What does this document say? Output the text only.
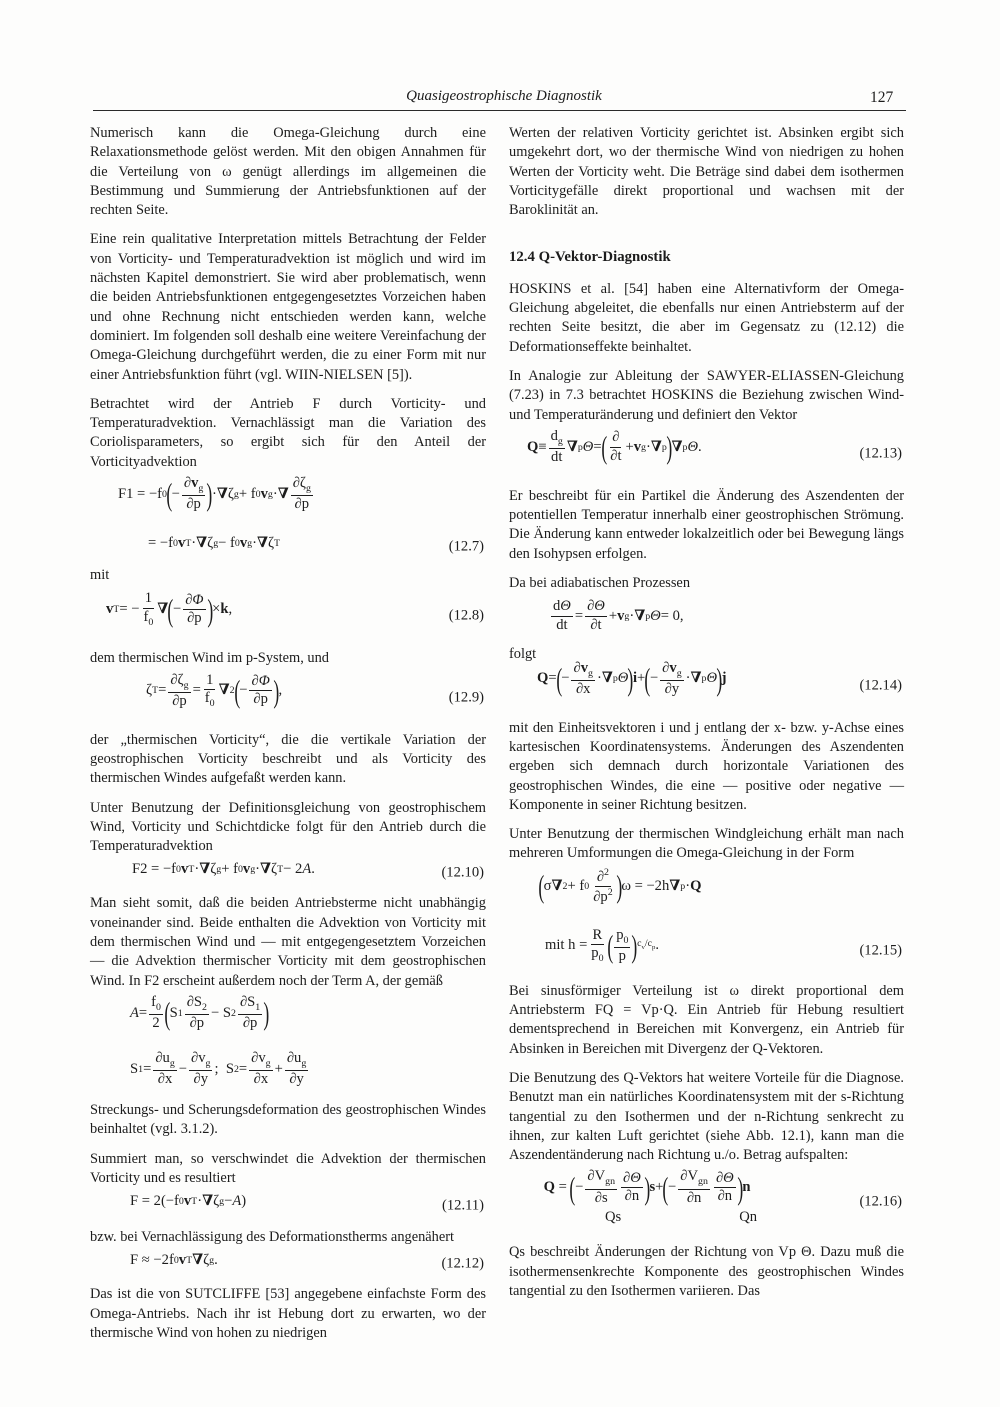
Quasigeostrophische Diagnostik	127

Numerisch kann die Omega-Gleichung durch eine Relaxationsmethode gelöst werden. Mit den obigen Annahmen für die Verteilung von ω genügt allerdings im allgemeinen die Bestimmung und Summierung der Antriebsfunktionen auf der rechten Seite.

Eine rein qualitative Interpretation mittels Betrachtung der Felder von Vorticity- und Temperaturadvektion ist möglich und wird im nächsten Kapitel demonstriert. Sie wird aber problematisch, wenn die beiden Antriebsfunktionen entgegengesetztes Vorzeichen haben und ohne Rechnung nicht entschieden werden kann, welche dominiert. Im folgenden soll deshalb eine weitere Vereinfachung der Omega-Gleichung durchgeführt werden, die zu einer Form mit nur einer Antriebsfunktion führt (vgl. WIIN-NIELSEN [5]).

Betrachtet wird der Antrieb F durch Vorticity- und Temperaturadvektion. Vernachlässigt man die Variation des Coriolisparameters, so ergibt sich für den Anteil der Vorticityadvektion

F1 = −f 0 ( − $\frac{\partial v_g}{\partial p}$ ) · ∇ ζ g + f 0 v g · ∇ $\frac{\partial\zeta_g}{\partial p}$
= −f 0 v T · ∇ ζ g − f 0 v g · ∇ ζ T	(12.7)
mit
v T = − $\frac{1}{f_0}$ ∇ ( − $\frac{\partial\Phi}{\partial p}$ ) × k ,	(12.8)

dem thermischen Wind im p-System, und

ζ $T = \frac{\partial\zeta_g}{\partial p} = \frac{1}{f_0}$ ∇ 2 ( − $\frac{\partial\Phi}{\partial p}$ ) ,	(12.9)

der „thermischen Vorticity“, die die vertikale Variation der geostrophischen Vorticity beschreibt und als Vorticity des thermischen Windes aufgefaßt werden kann.

Unter Benutzung der Definitionsgleichung von geostrophischem Wind, Vorticity und Schichtdicke folgt für den Antrieb durch die Temperaturadvektion

F2 = −f 0 v T · ∇ ζ g + f 0 v g · ∇ ζ T − 2 A .	(12.10)

Man sieht somit, daß die beiden Antriebsterme nicht unabhängig voneinander sind. Beide enthalten die Advektion von Vorticity mit dem thermischen Wind und — mit entgegengesetztem Vorzeichen — die Advektion thermischer Vorticity mit dem geostrophischen Wind. In F2 erscheint außerdem noch der Term A, der gemäß

$A = \frac{f_0}{2}$ ( S $1 \frac{\partial S_2}{\partial p} - S$ $2 \frac{\partial S_1}{\partial p}$ )
S $1 = \frac{\partial u_g}{\partial x} - \frac{\partial v_g}{\partial y}$ ;  S $2 = \frac{\partial v_g}{\partial x} + \frac{\partial u_g}{\partial y}$

Streckungs- und Scherungsdeformation des geostrophischen Windes beinhaltet (vgl. 3.1.2).

Summiert man, so verschwindet die Advektion der thermischen Vorticity und es resultiert

F = 2(−f 0 v T · ∇ ζ g − A )	(12.11)

bzw. bei Vernachlässigung des Deformationstherms angenähert

F ≈ −2f 0 v T ∇ ζ g .	(12.12)

Das ist die von SUTCLIFFE [53] angegebene einfachste Form des Omega-Antriebs. Nach ihr ist Hebung dort zu erwarten, wo der thermische Wind von hohen zu niedrigen

Werten der relativen Vorticity gerichtet ist. Absinken ergibt sich umgekehrt dort, wo der thermische Wind von niedrigen zu hohen Werten der Vorticity weht. Die Beträge sind dabei dem isothermen Vorticitygefälle direkt proportional und wachsen mit der Baroklinität an.

12.4 Q-Vektor-Diagnostik

HOSKINS et al. [54] haben eine Alternativform der Omega-Gleichung abgeleitet, die ebenfalls nur einen Antriebsterm auf der rechten Seite besitzt, die aber im Gegensatz zu (12.12) die Deformationseffekte beinhaltet.

In Analogie zur Ableitung der SAWYER-ELIASSEN-Gleichung (7.23) in 7.3 betrachtet HOSKINS die Beziehung zwischen Wind- und Temperaturänderung und definiert den Vektor

$Q \equiv \frac{d_g}{dt}$ ∇ p Θ = ( $\frac{\partial}{\partial t} + v$ g · ∇ p ) ∇ p Θ .	(12.13)

Er beschreibt für ein Partikel die Änderung des Aszendenten der potentiellen Temperatur innerhalb einer geostrophischen Strömung. Die Änderung kann entweder lokalzeitlich oder bei Bewegung längs den Isohypsen erfolgen.

Da bei adiabatischen Prozessen

$\frac{d\Theta}{dt} = \frac{\partial\Theta}{\partial t} + v$ g · ∇ p Θ = 0,
folgt
Q = ( − $\frac{\partial v_g}{\partial x}$ · ∇ p Θ ) i + ( − $\frac{\partial v_g}{\partial y}$ · ∇ p Θ ) j	(12.14)

mit den Einheitsvektoren i und j entlang der x- bzw. y-Achse eines kartesischen Koordinatensystems. Änderungen des Aszendenten ergeben sich demnach durch horizontale Variationen des geostrophischen Windes, die eine — positive oder negative — Komponente in seiner Richtung besitzen.

Unter Benutzung der thermischen Windgleichung erhält man nach mehreren Umformungen die Omega-Gleichung in der Form

( σ ∇ 2 + f $0 \frac{\partial^2}{\partial p^2}$ ) ω = −2h ∇ p · Q
mit $h = \frac{R}{p_0}$ ( $\frac{p_0}{p}$ ) $c_v/c_p$ .	(12.15)

Bei sinusförmiger Verteilung ist ω direkt proportional dem Antriebsterm FQ = Vp·Q. Ein Antrieb für Hebung resultiert dementsprechend in Bereichen mit Konvergenz, ein Antrieb für Absinken in Bereichen mit Divergenz der Q-Vektoren.

Die Benutzung des Q-Vektors hat weitere Vorteile für die Diagnose. Benutzt man ein natürliches Koordinatensystem mit der s-Richtung tangential zu den Isothermen und der n-Richtung senkrecht zu ihnen, zur kalten Luft gerichtet (siehe Abb. 12.1), kann man die Aszendentänderung nach Richtung u./o. Betrag aufspalten:

Q = ( − $\frac{\partial V_{gn}}{\partial s} \frac{\partial\Theta}{\partial n}$ ) s + ( − $\frac{\partial V_{gn}}{\partial n} \frac{\partial\Theta}{\partial n}$ ) n
Qs	Qn
(12.16)

Qs beschreibt Änderungen der Richtung von Vp Θ. Dazu muß die isothermensenkrechte Komponente des geostrophischen Windes tangential zu den Isothermen variieren. Das
